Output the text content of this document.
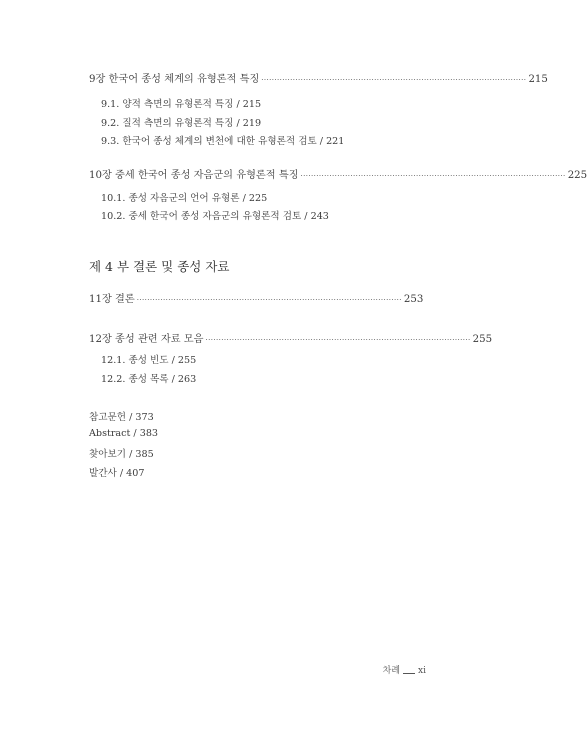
9장 한국어 종성 체계의 유형론적 특징 ····································································································· 215
9.1. 양적 측면의 유형론적 특징 / 215
9.2. 질적 측면의 유형론적 특징 / 219
9.3. 한국어 종성 체계의 변천에 대한 유형론적 검토 / 221
10장 중세 한국어 종성 자음군의 유형론적 특징 ····································································································· 225
10.1. 종성 자음군의 언어 유형론 / 225
10.2. 중세 한국어 종성 자음군의 유형론적 검토 / 243
제 4 부 결론 및 종성 자료
11장 결론 ····································································································· 253
12장 종성 관련 자료 모음 ····································································································· 255
12.1. 종성 빈도 / 255
12.2. 종성 목록 / 263
참고문헌 / 373
Abstract / 383
찾아보기 / 385
발간사 / 407
차례 xi
